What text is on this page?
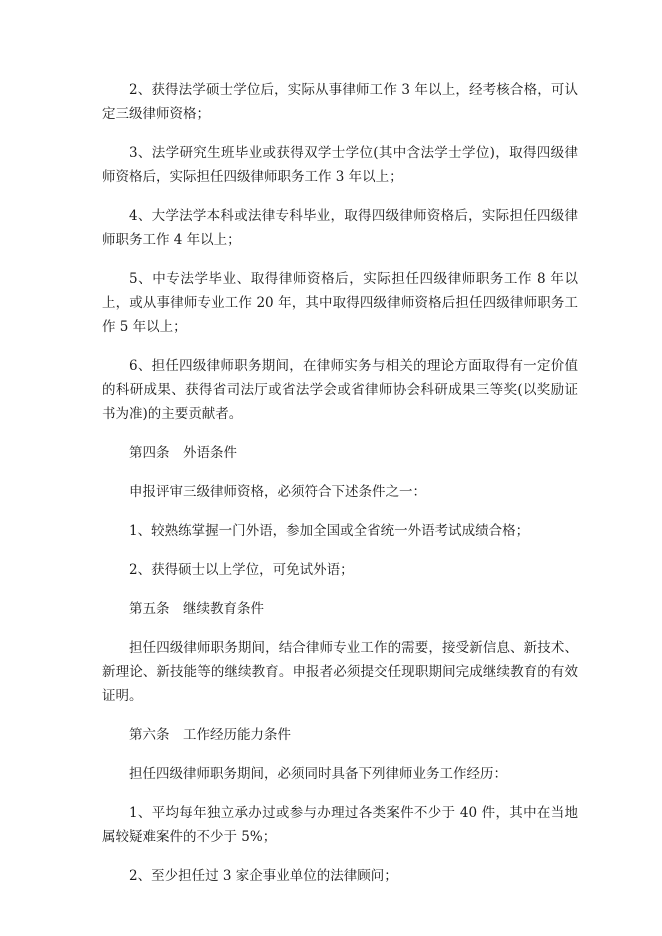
2、获得法学硕士学位后，实际从事律师工作 3 年以上，经考核合格，可认定三级律师资格；

3、法学研究生班毕业或获得双学士学位(其中含法学士学位)，取得四级律师资格后，实际担任四级律师职务工作 3 年以上；

4、大学法学本科或法律专科毕业，取得四级律师资格后，实际担任四级律师职务工作 4 年以上；

5、中专法学毕业、取得律师资格后，实际担任四级律师职务工作 8 年以上，或从事律师专业工作 20 年，其中取得四级律师资格后担任四级律师职务工作 5 年以上；

6、担任四级律师职务期间，在律师实务与相关的理论方面取得有一定价值的科研成果、获得省司法厅或省法学会或省律师协会科研成果三等奖(以奖励证书为准)的主要贡献者。

第四条　外语条件

申报评审三级律师资格，必须符合下述条件之一：

1、较熟练掌握一门外语，参加全国或全省统一外语考试成绩合格；

2、获得硕士以上学位，可免试外语；

第五条　继续教育条件

担任四级律师职务期间，结合律师专业工作的需要，接受新信息、新技术、新理论、新技能等的继续教育。申报者必须提交任现职期间完成继续教育的有效证明。

第六条　工作经历能力条件

担任四级律师职务期间，必须同时具备下列律师业务工作经历：

1、平均每年独立承办过或参与办理过各类案件不少于 40 件，其中在当地属较疑难案件的不少于 5%；

2、至少担任过 3 家企事业单位的法律顾问；
